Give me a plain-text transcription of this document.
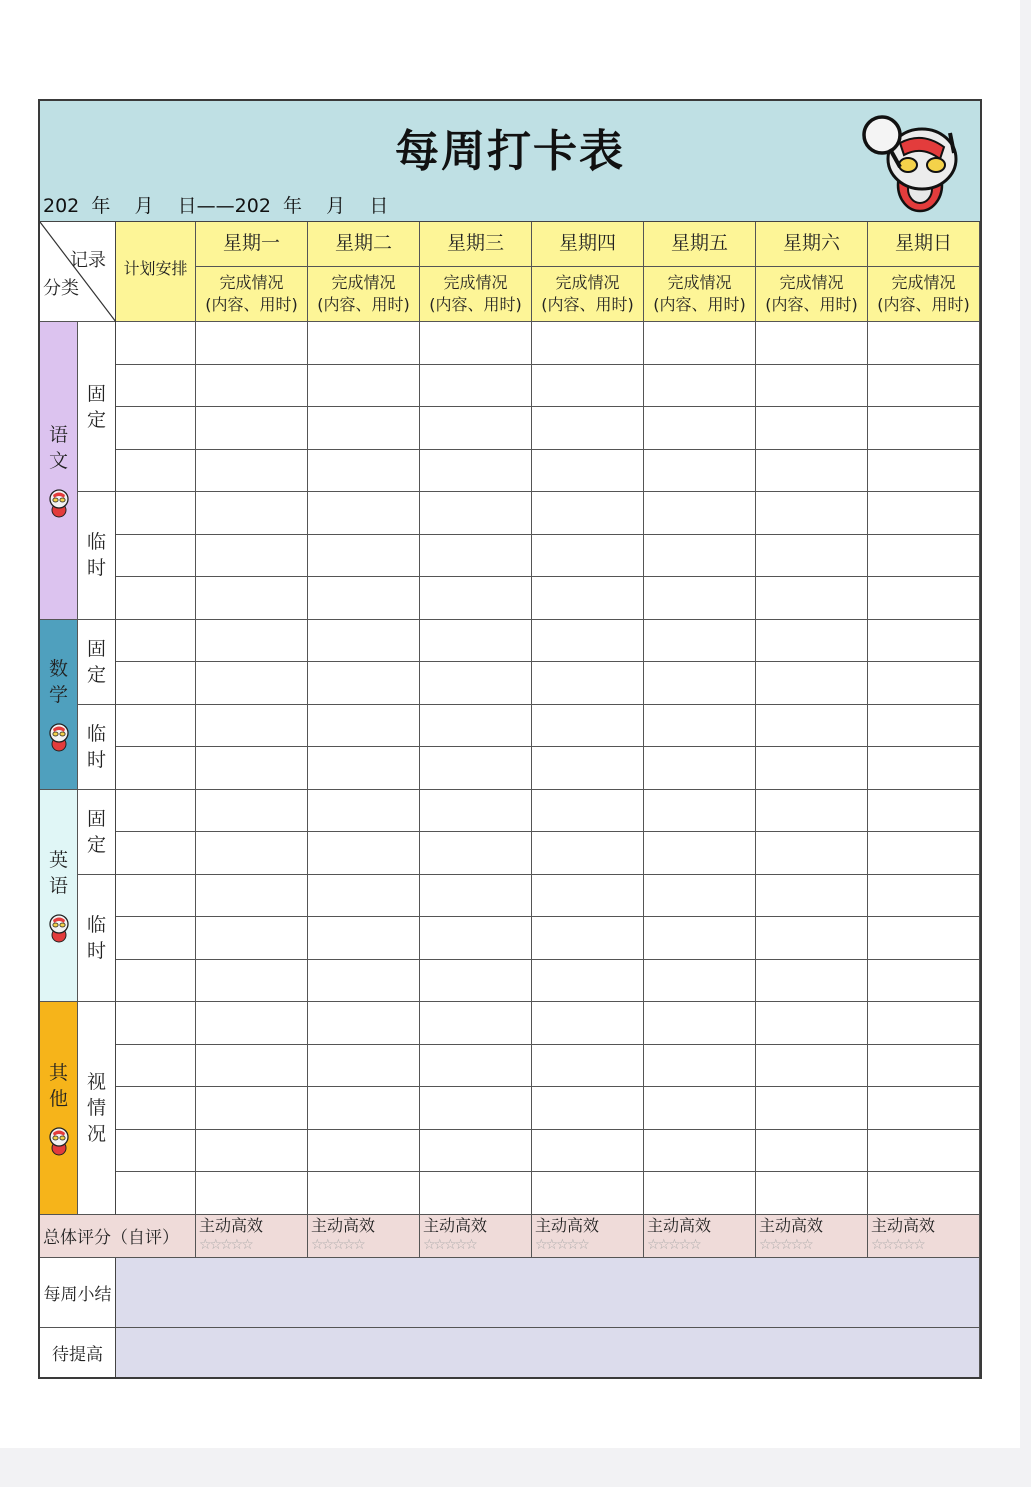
每周打卡表
202  年    月    日——202  年    月    日
记录
分类
计划安排
星期一
完成情况
(内容、用时)
星期二
完成情况
(内容、用时)
星期三
完成情况
(内容、用时)
星期四
完成情况
(内容、用时)
星期五
完成情况
(内容、用时)
星期六
完成情况
(内容、用时)
星期日
完成情况
(内容、用时)
语
文
固
定
临
时
数
学
固
定
临
时
英
语
固
定
临
时
其
他
视
情
况
总体评分（自评）
主动高效
☆☆☆☆☆
主动高效
☆☆☆☆☆
主动高效
☆☆☆☆☆
主动高效
☆☆☆☆☆
主动高效
☆☆☆☆☆
主动高效
☆☆☆☆☆
主动高效
☆☆☆☆☆
每周小结
待提高
